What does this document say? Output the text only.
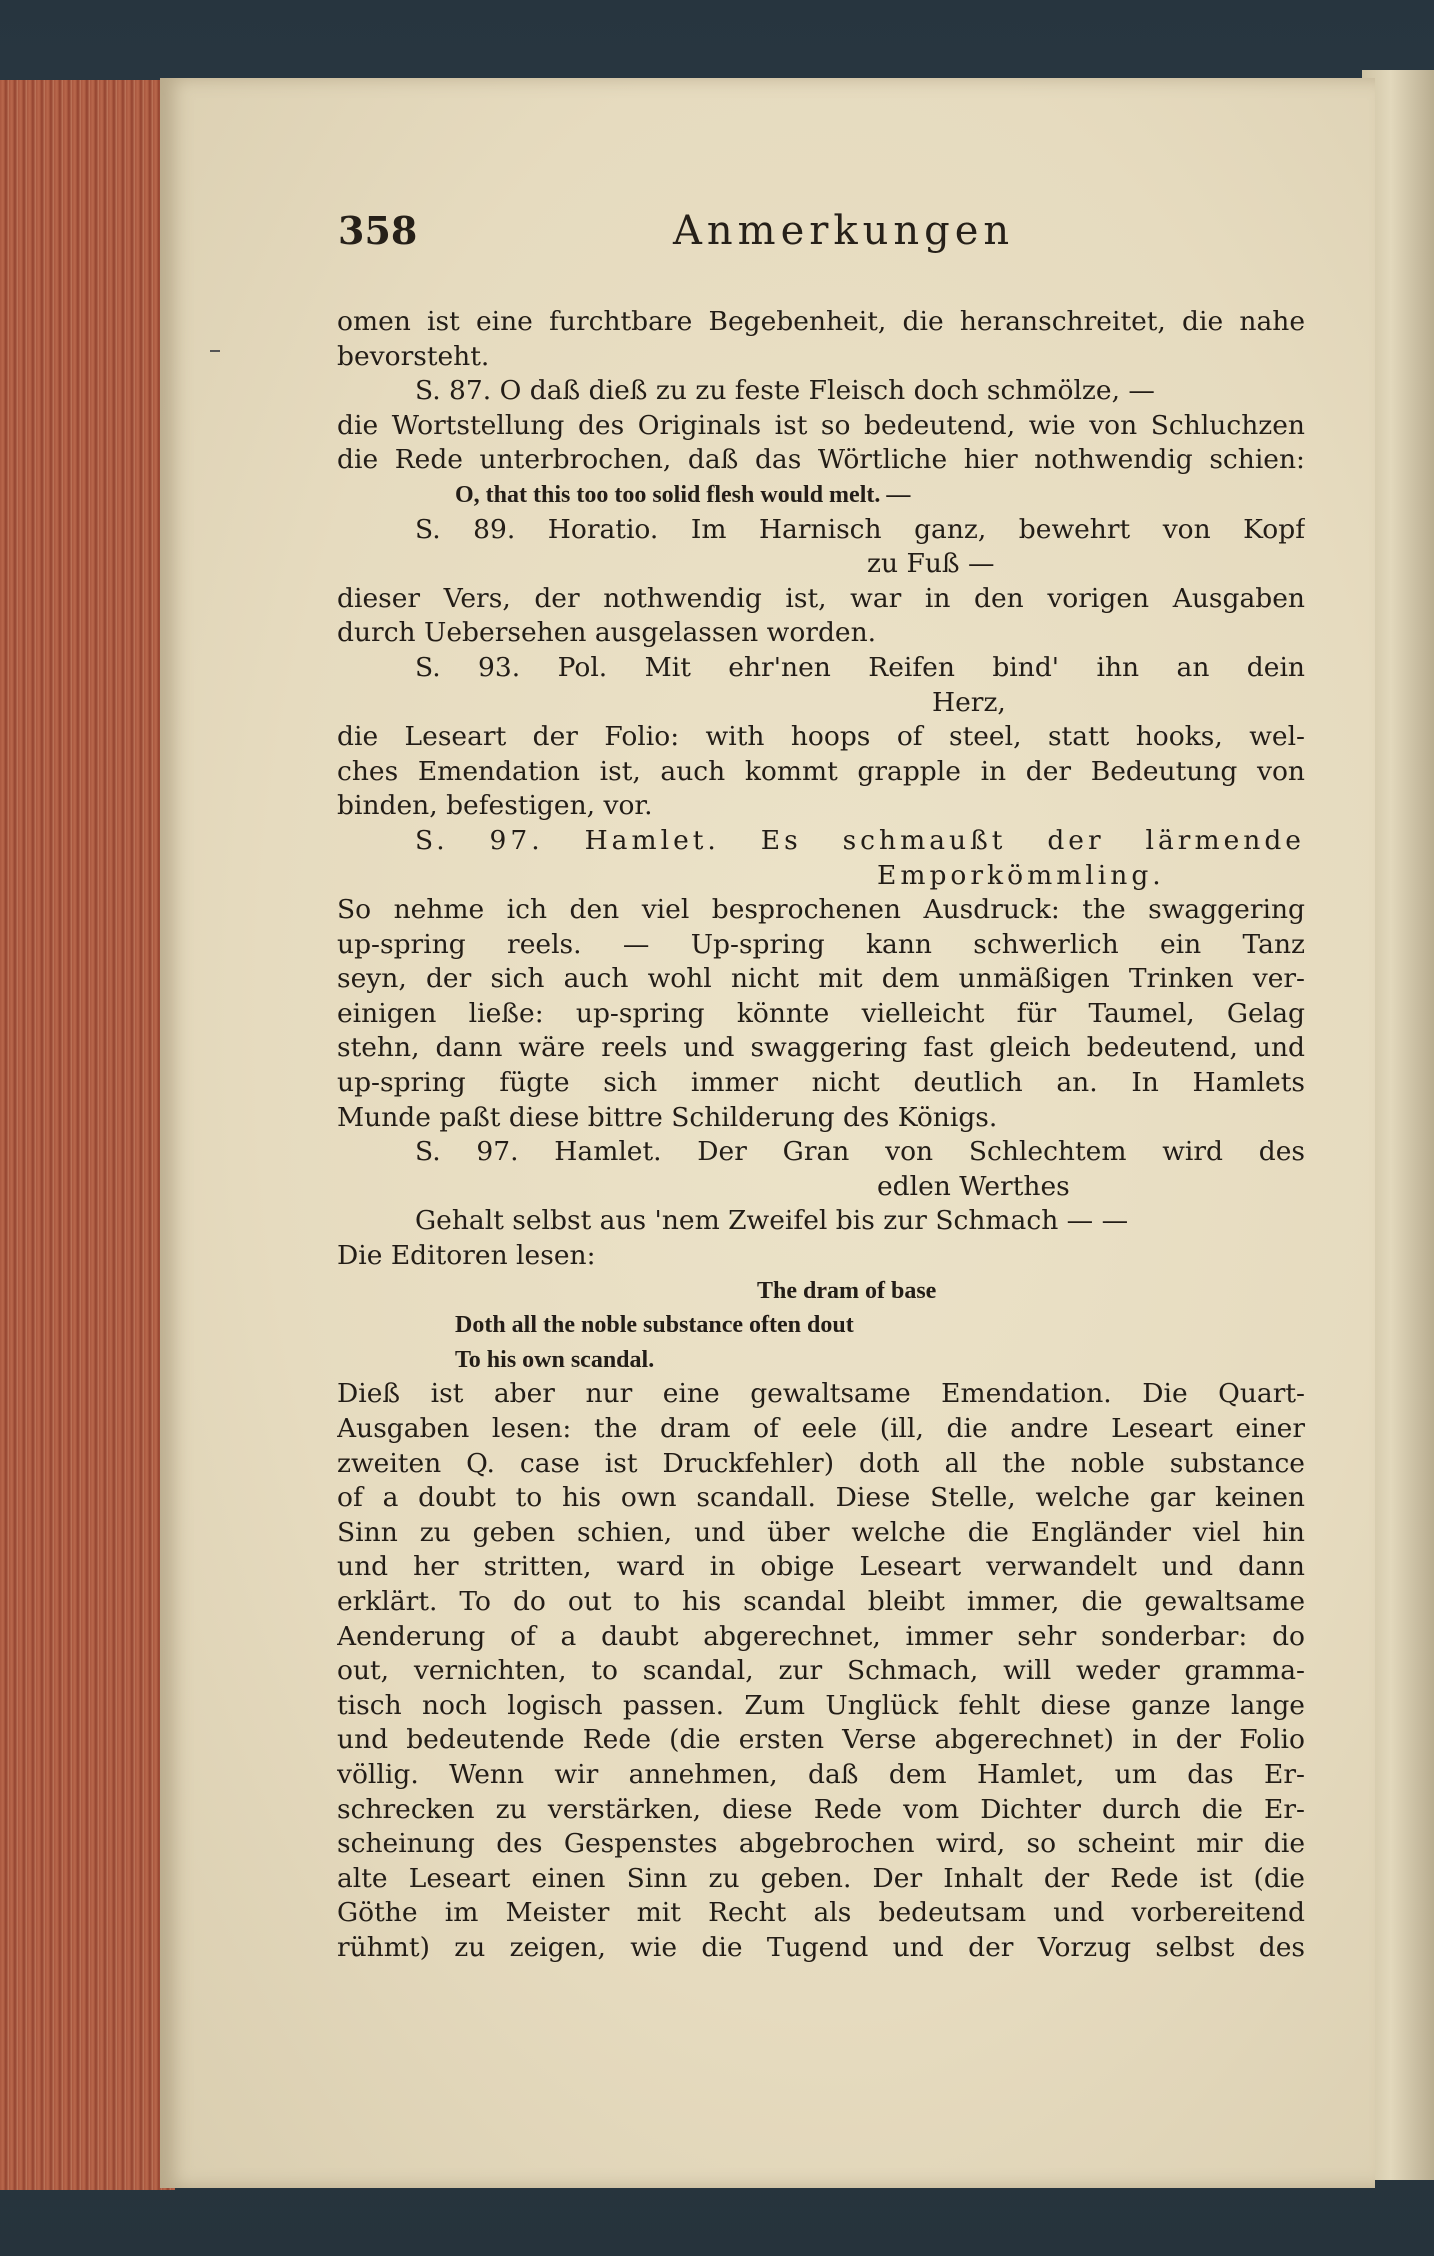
358	Anmerkungen
omen ist eine furchtbare Begebenheit, die heranschreitet, die nahe
bevorsteht.
S. 87. O daß dieß zu zu feste Fleisch doch schmölze, —
die Wortstellung des Originals ist so bedeutend, wie von Schluchzen
die Rede unterbrochen, daß das Wörtliche hier nothwendig schien:
O, that this too too solid flesh would melt. —
S. 89. Horatio. Im Harnisch ganz, bewehrt von Kopf
zu Fuß —
dieser Vers, der nothwendig ist, war in den vorigen Ausgaben
durch Uebersehen ausgelassen worden.
S. 93. Pol. Mit ehr'nen Reifen bind' ihn an dein
Herz,
die Leseart der Folio: with hoops of steel, statt hooks, wel-
ches Emendation ist, auch kommt grapple in der Bedeutung von
binden, befestigen, vor.
S. 97. Hamlet. Es schmaußt der lärmende
Emporkömmling.
So nehme ich den viel besprochenen Ausdruck: the swaggering
up-spring reels. — Up-spring kann schwerlich ein Tanz
seyn, der sich auch wohl nicht mit dem unmäßigen Trinken ver-
einigen ließe: up-spring könnte vielleicht für Taumel, Gelag
stehn, dann wäre reels und swaggering fast gleich bedeutend, und
up-spring fügte sich immer nicht deutlich an. In Hamlets
Munde paßt diese bittre Schilderung des Königs.
S. 97. Hamlet. Der Gran von Schlechtem wird des
edlen Werthes
Gehalt selbst aus 'nem Zweifel bis zur Schmach — —
Die Editoren lesen:
The dram of base
Doth all the noble substance often dout
To his own scandal.
Dieß ist aber nur eine gewaltsame Emendation. Die Quart-
Ausgaben lesen: the dram of eele (ill, die andre Leseart einer
zweiten Q. case ist Druckfehler) doth all the noble substance
of a doubt to his own scandall. Diese Stelle, welche gar keinen
Sinn zu geben schien, und über welche die Engländer viel hin
und her stritten, ward in obige Leseart verwandelt und dann
erklärt. To do out to his scandal bleibt immer, die gewaltsame
Aenderung of a daubt abgerechnet, immer sehr sonderbar: do
out, vernichten, to scandal, zur Schmach, will weder gramma-
tisch noch logisch passen. Zum Unglück fehlt diese ganze lange
und bedeutende Rede (die ersten Verse abgerechnet) in der Folio
völlig. Wenn wir annehmen, daß dem Hamlet, um das Er-
schrecken zu verstärken, diese Rede vom Dichter durch die Er-
scheinung des Gespenstes abgebrochen wird, so scheint mir die
alte Leseart einen Sinn zu geben. Der Inhalt der Rede ist (die
Göthe im Meister mit Recht als bedeutsam und vorbereitend
rühmt) zu zeigen, wie die Tugend und der Vorzug selbst des
